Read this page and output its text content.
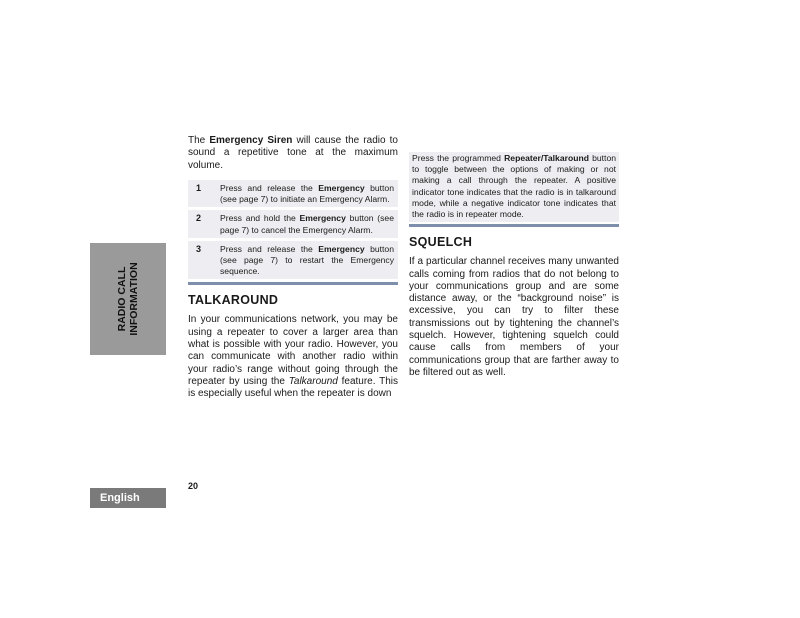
RADIO CALL INFORMATION
English
20

The Emergency Siren will cause the radio to sound a repetitive tone at the maximum volume.

1	Press and release the Emergency button (see page 7) to initiate an Emergency Alarm.
2	Press and hold the Emergency button (see page 7) to cancel the Emergency Alarm.
3	Press and release the Emergency button (see page 7) to restart the Emergency sequence.
TALKAROUND

In your communications network, you may be using a repeater to cover a larger area than what is possible with your radio. However, you can communicate with another radio within your radio’s range without going through the repeater by using the Talkaround feature. This is especially useful when the repeater is down

Press the programmed Repeater/Talkaround button to toggle between the options of making or not making a call through the repeater. A positive indicator tone indicates that the radio is in talkaround mode, while a negative indicator tone indicates that the radio is in repeater mode.
SQUELCH

If a particular channel receives many unwanted calls coming from radios that do not belong to your communications group and are some distance away, or the “background noise” is excessive, you can try to filter these transmissions out by tightening the channel’s squelch. However, tightening squelch could cause calls from members of your communications group that are farther away to be filtered out as well.
